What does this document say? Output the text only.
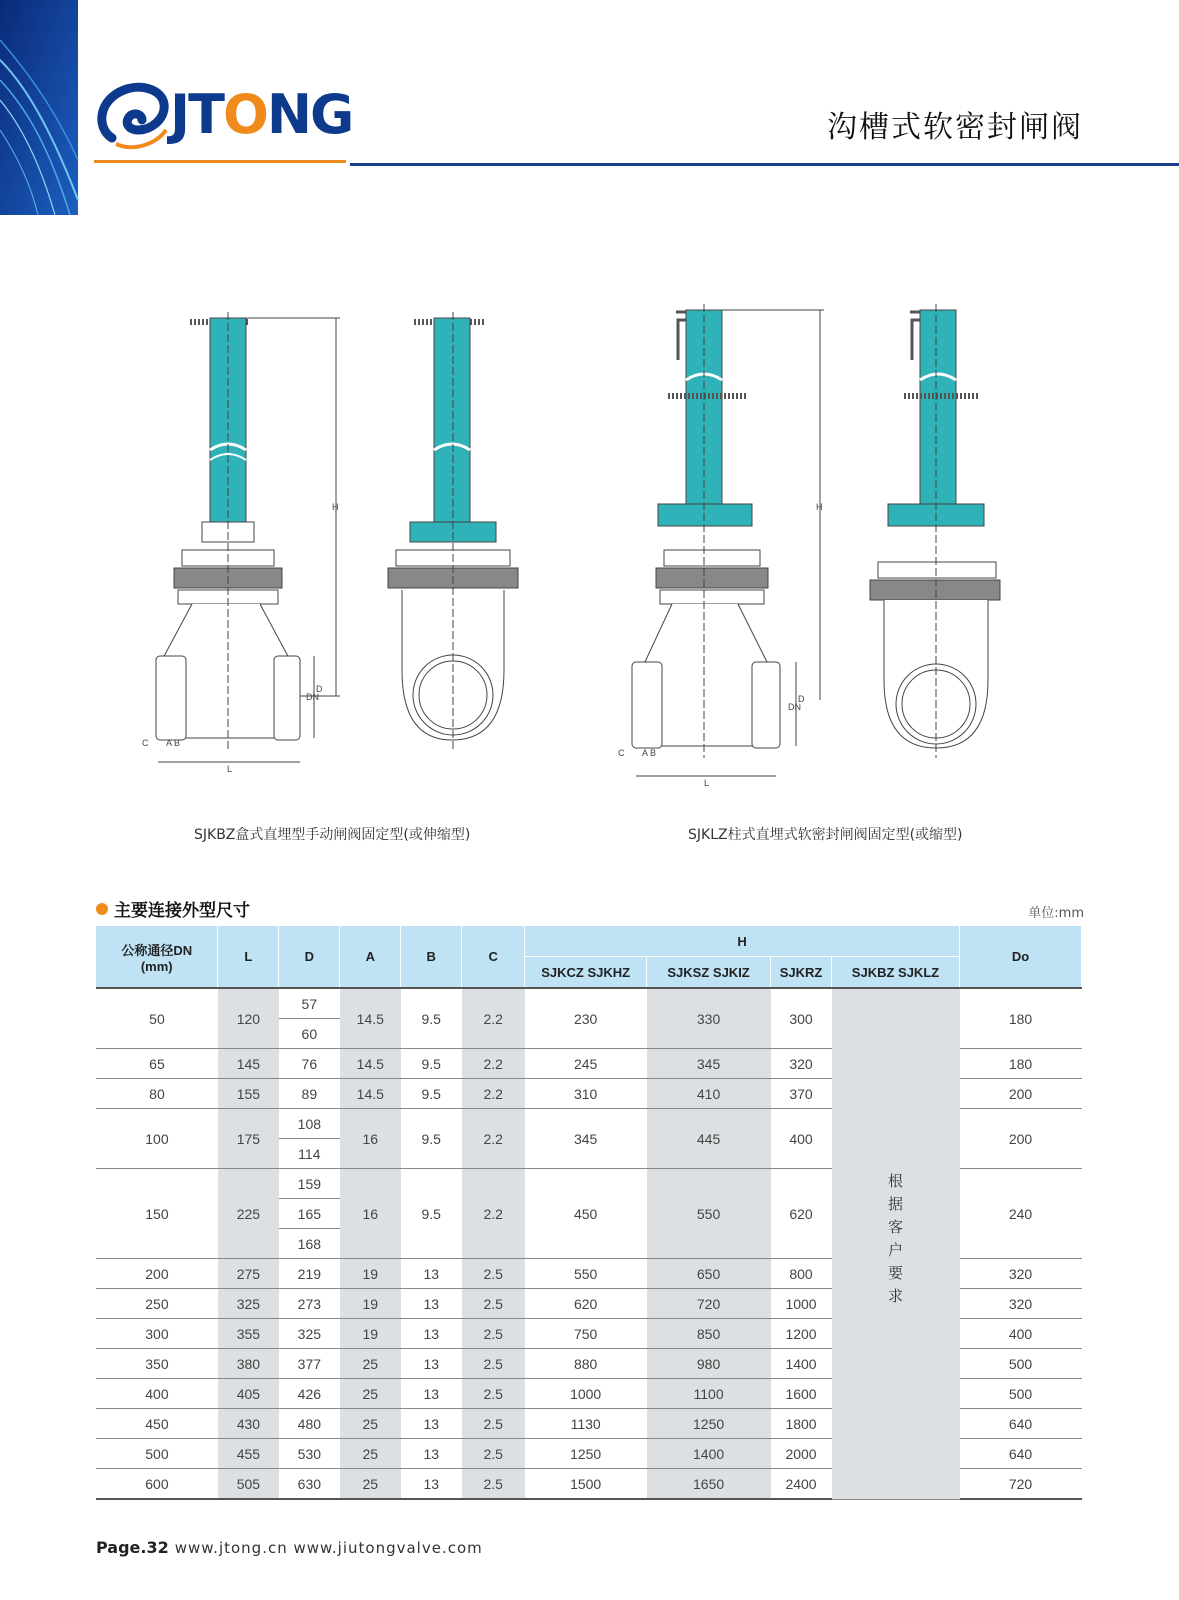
JTONG	沟槽式软密封闸阀
H
L
DN
D
H
L
DN
D
A B
C
A B
C
SJKBZ盒式直埋型手动闸阀固定型(或伸缩型)	SJKLZ柱式直埋式软密封闸阀固定型(或缩型)
主要连接外型尺寸	单位:mm
公称通径DN
(mm)	L	D	A	B	C	H				Do
						SJKCZ SJKHZ	SJKSZ SJKIZ	SJKRZ	SJKBZ SJKLZ	
50	120	57	14.5	9.5	2.2	230	330	300	根据客户要求	180
		60								
65	145	76	14.5	9.5	2.2	245	345	320		180
80	155	89	14.5	9.5	2.2	310	410	370		200
100	175	108	16	9.5	2.2	345	445	400		200
		114								
150	225	159	16	9.5	2.2	450	550	620		240
		165								
		168								
200	275	219	19	13	2.5	550	650	800		320
250	325	273	19	13	2.5	620	720	1000		320
300	355	325	19	13	2.5	750	850	1200		400
350	380	377	25	13	2.5	880	980	1400		500
400	405	426	25	13	2.5	1000	1100	1600		500
450	430	480	25	13	2.5	1130	1250	1800		640
500	455	530	25	13	2.5	1250	1400	2000		640
600	505	630	25	13	2.5	1500	1650	2400		720
Page.32 www.jtong.cn www.jiutongvalve.com
